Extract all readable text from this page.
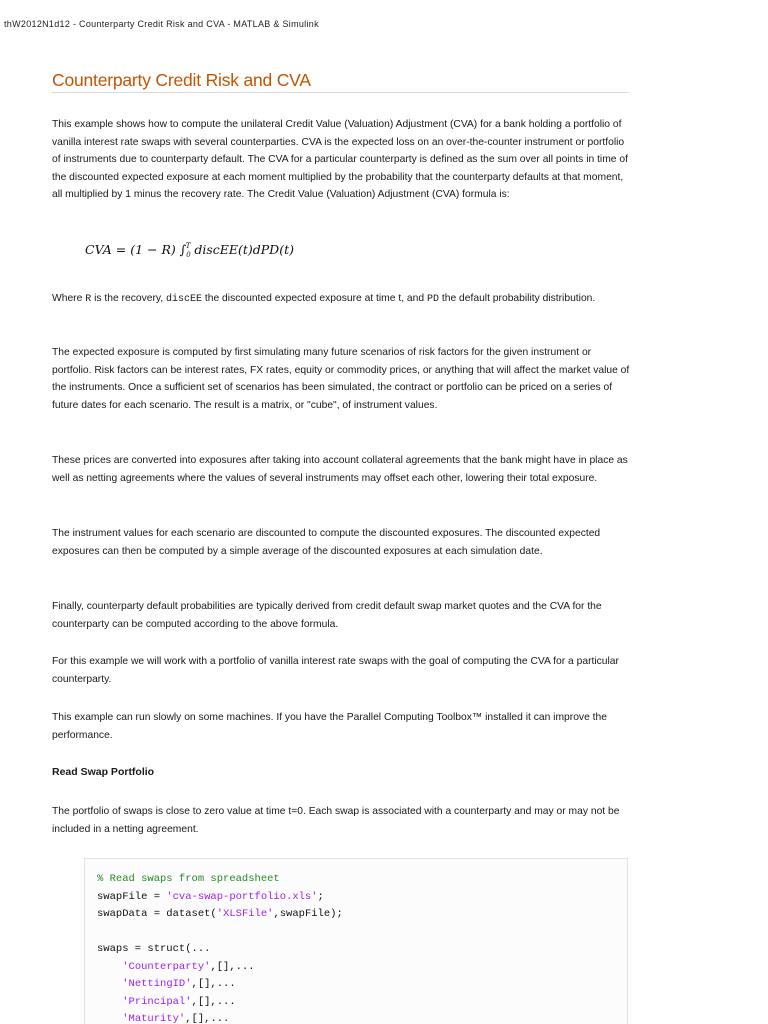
thW2012N1d12 - Counterparty Credit Risk and CVA - MATLAB & Simulink
Counterparty Credit Risk and CVA

This example shows how to compute the unilateral Credit Value (Valuation) Adjustment (CVA) for a bank holding a portfolio of vanilla interest rate swaps with several counterparties. CVA is the expected loss on an over-the-counter instrument or portfolio of instruments due to counterparty default. The CVA for a particular counterparty is defined as the sum over all points in time of the discounted expected exposure at each moment multiplied by the probability that the counterparty defaults at that moment, all multiplied by 1 minus the recovery rate. The Credit Value (Valuation) Adjustment (CVA) formula is:

CVA = (1 − R) $\int_0^T$ discEE(t)dPD(t)

Where R is the recovery, discEE the discounted expected exposure at time t, and PD the default probability distribution.

The expected exposure is computed by first simulating many future scenarios of risk factors for the given instrument or portfolio. Risk factors can be interest rates, FX rates, equity or commodity prices, or anything that will affect the market value of the instruments. Once a sufficient set of scenarios has been simulated, the contract or portfolio can be priced on a series of future dates for each scenario. The result is a matrix, or "cube", of instrument values.

These prices are converted into exposures after taking into account collateral agreements that the bank might have in place as well as netting agreements where the values of several instruments may offset each other, lowering their total exposure.

The instrument values for each scenario are discounted to compute the discounted exposures. The discounted expected exposures can then be computed by a simple average of the discounted exposures at each simulation date.

Finally, counterparty default probabilities are typically derived from credit default swap market quotes and the CVA for the counterparty can be computed according to the above formula.

For this example we will work with a portfolio of vanilla interest rate swaps with the goal of computing the CVA for a particular counterparty.

This example can run slowly on some machines. If you have the Parallel Computing Toolbox™ installed it can improve the performance.

Read Swap Portfolio

The portfolio of swaps is close to zero value at time t=0. Each swap is associated with a counterparty and may or may not be included in a netting agreement.

% Read swaps from spreadsheet
swapFile = 'cva-swap-portfolio.xls';
swapData = dataset('XLSFile',swapFile);
swaps = struct(...
'Counterparty',[],...
'NettingID',[],...
'Principal',[],...
'Maturity',[],...
